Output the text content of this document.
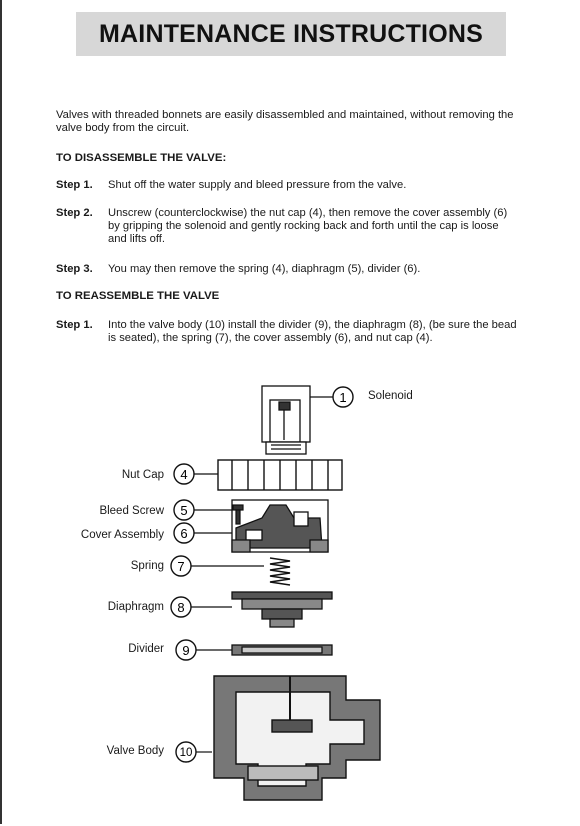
MAINTENANCE INSTRUCTIONS
Valves with threaded bonnets are easily disassembled and maintained, without removing the valve body from the circuit.
TO DISASSEMBLE THE VALVE:
Step 1. Shut off the water supply and bleed pressure from the valve.
Step 2. Unscrew (counterclockwise) the nut cap (4), then remove the cover assembly (6) by gripping the solenoid and gently rocking back and forth until the cap is loose and lifts off.
Step 3. You may then remove the spring (4), diaphragm (5), divider (6).
TO REASSEMBLE THE VALVE
Step 1. Into the valve body (10) install the divider (9), the diaphragm (8), (be sure the bead is seated), the spring (7), the cover assembly (6), and nut cap (4).
Solenoid
Nut Cap
Bleed Screw
Cover Assembly
Spring
Diaphragm
Divider
Valve Body
1
4
5
6
7
8
9
10
